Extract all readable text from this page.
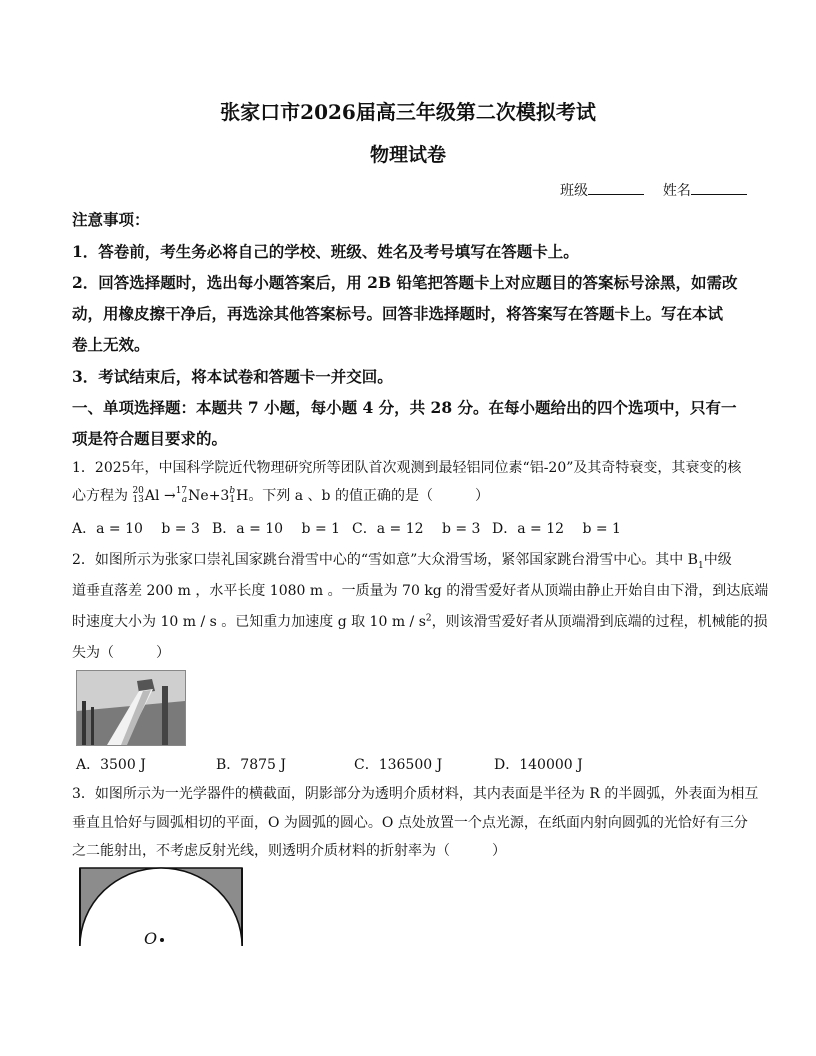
张家口市2026届高三年级第二次模拟考试
物理试卷
班级	姓名
注意事项：
1．答卷前，考生务必将自己的学校、班级、姓名及考号填写在答题卡上。
2．回答选择题时，选出每小题答案后，用 2B 铅笔把答题卡上对应题目的答案标号涂黑，如需改
动，用橡皮擦干净后，再选涂其他答案标号。回答非选择题时，将答案写在答题卡上。写在本试
卷上无效。
3．考试结束后，将本试卷和答题卡一并交回。
一、单项选择题：本题共 7 小题，每小题 4 分，共 28 分。在每小题给出的四个选项中，只有一
项是符合题目要求的。
1．2025年，中国科学院近代物理研究所等团队首次观测到最轻铝同位素“铝-20”及其奇特衰变，其衰变的核
心方程为 20
13Al →17
aNe+3b
1H。下列 a 、b 的值正确的是（　　　）
A．a = 10　 b = 3 B．a = 10　 b = 1 C．a = 12　 b = 3 D．a = 12　 b = 1
2．如图所示为张家口崇礼国家跳台滑雪中心的“雪如意”大众滑雪场，紧邻国家跳台滑雪中心。其中 $B_1$中级
道垂直落差 200 m ，水平长度 1080 m 。一质量为 70 kg 的滑雪爱好者从顶端由静止开始自由下滑，到达底端
时速度大小为 10 m / s 。已知重力加速度 g 取 10 m / $s^2$，则该滑雪爱好者从顶端滑到底端的过程，机械能的损
失为（　　　）
A．3500 J	B．7875 J	C．136500 J	D．140000 J
3．如图所示为一光学器件的横截面，阴影部分为透明介质材料，其内表面是半径为 R 的半圆弧，外表面为相互
垂直且恰好与圆弧相切的平面，O 为圆弧的圆心。O 点处放置一个点光源，在纸面内射向圆弧的光恰好有三分
之二能射出，不考虑反射光线，则透明介质材料的折射率为（　　　）
O
